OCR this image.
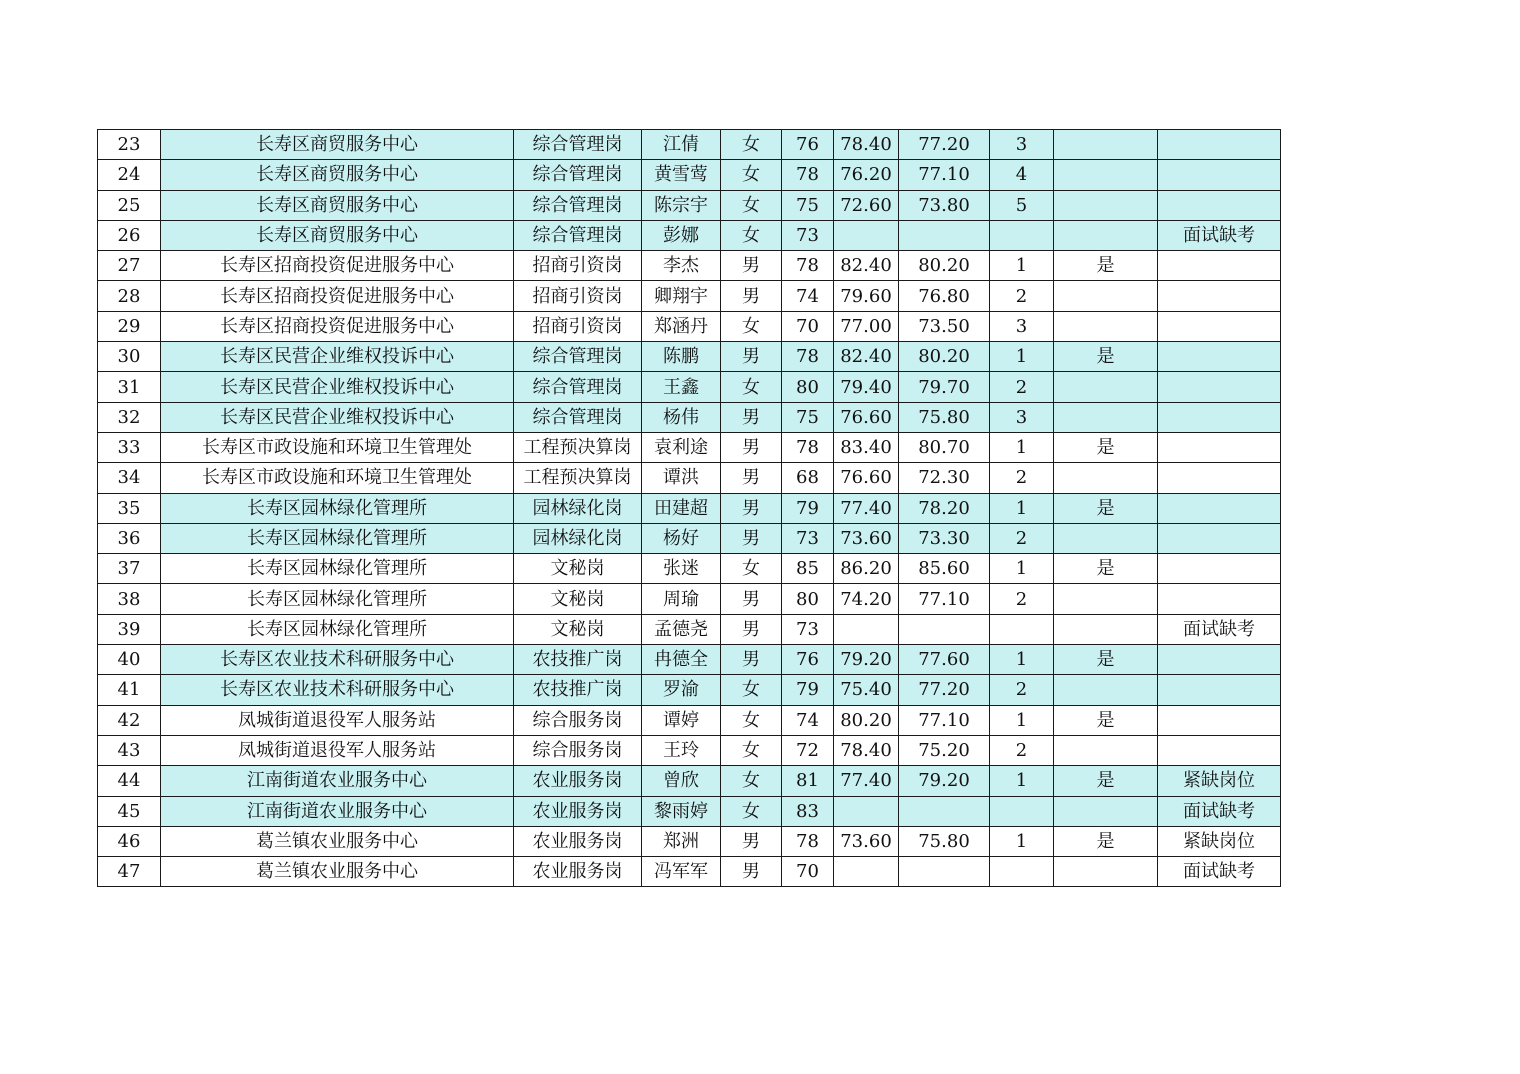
23	长寿区商贸服务中心	综合管理岗	江倩	女	76	78.40	77.20	3		
24	长寿区商贸服务中心	综合管理岗	黄雪莺	女	78	76.20	77.10	4		
25	长寿区商贸服务中心	综合管理岗	陈宗宇	女	75	72.60	73.80	5		
26	长寿区商贸服务中心	综合管理岗	彭娜	女	73					面试缺考
27	长寿区招商投资促进服务中心	招商引资岗	李杰	男	78	82.40	80.20	1	是	
28	长寿区招商投资促进服务中心	招商引资岗	卿翔宇	男	74	79.60	76.80	2		
29	长寿区招商投资促进服务中心	招商引资岗	郑涵丹	女	70	77.00	73.50	3		
30	长寿区民营企业维权投诉中心	综合管理岗	陈鹏	男	78	82.40	80.20	1	是	
31	长寿区民营企业维权投诉中心	综合管理岗	王鑫	女	80	79.40	79.70	2		
32	长寿区民营企业维权投诉中心	综合管理岗	杨伟	男	75	76.60	75.80	3		
33	长寿区市政设施和环境卫生管理处	工程预决算岗	袁利途	男	78	83.40	80.70	1	是	
34	长寿区市政设施和环境卫生管理处	工程预决算岗	谭洪	男	68	76.60	72.30	2		
35	长寿区园林绿化管理所	园林绿化岗	田建超	男	79	77.40	78.20	1	是	
36	长寿区园林绿化管理所	园林绿化岗	杨好	男	73	73.60	73.30	2		
37	长寿区园林绿化管理所	文秘岗	张迷	女	85	86.20	85.60	1	是	
38	长寿区园林绿化管理所	文秘岗	周瑜	男	80	74.20	77.10	2		
39	长寿区园林绿化管理所	文秘岗	孟德尧	男	73					面试缺考
40	长寿区农业技术科研服务中心	农技推广岗	冉德全	男	76	79.20	77.60	1	是	
41	长寿区农业技术科研服务中心	农技推广岗	罗渝	女	79	75.40	77.20	2		
42	凤城街道退役军人服务站	综合服务岗	谭婷	女	74	80.20	77.10	1	是	
43	凤城街道退役军人服务站	综合服务岗	王玲	女	72	78.40	75.20	2		
44	江南街道农业服务中心	农业服务岗	曾欣	女	81	77.40	79.20	1	是	紧缺岗位
45	江南街道农业服务中心	农业服务岗	黎雨婷	女	83					面试缺考
46	葛兰镇农业服务中心	农业服务岗	郑洲	男	78	73.60	75.80	1	是	紧缺岗位
47	葛兰镇农业服务中心	农业服务岗	冯军军	男	70					面试缺考
